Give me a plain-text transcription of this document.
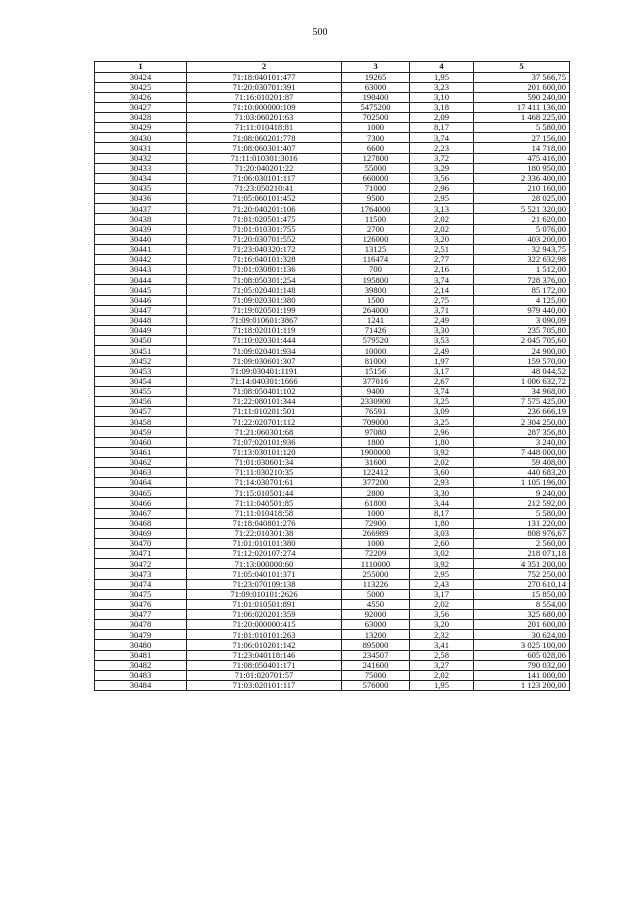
500
1	2	3	4	5
30424	71:18:040101:477	19265	1,95	37 566,75
30425	71:20:030701:391	63000	3,23	201 600,00
30426	71:16:010201:87	190400	3,10	590 240,00
30427	71:10:000000:109	5475200	3,18	17 411 136,00
30428	71:03:060201:63	702500	2,09	1 468 225,00
30429	71:11:010418:81	1000	8,17	5 580,00
30430	71:08:060201:778	7300	3,74	27 156,00
30431	71:08:060301:407	6600	2,23	14 718,00
30432	71:11:010301:3016	127800	3,72	475 416,00
30433	71:20:040201:22	55000	3,29	180 950,00
30434	71:06:030101:117	660000	3,56	2 336 400,00
30435	71:23:050210:41	71000	2,96	210 160,00
30436	71:05:060101:452	9500	2,95	28 025,00
30437	71:20:040201:106	1764000	3,13	5 521 320,00
30438	71:01:020501:475	11500	2,02	21 620,00
30439	71:01:010301:755	2700	2,02	5 076,00
30440	71:20:030701:552	126000	3,20	403 200,00
30441	71:23:040320:172	13125	2,51	32 943,75
30442	71:16:040101:328	116474	2,77	322 632,98
30443	71:01:030801:136	700	2,16	1 512,00
30444	71:08:050301:254	195800	3,74	728 376,00
30445	71:05:020401:148	39800	2,14	85 172,00
30446	71:09:020301:380	1500	2,75	4 125,00
30447	71:19:020501:199	264000	3,71	979 440,00
30448	71:09:010601:3867	1241	2,49	3 090,09
30449	71:18:020101:119	71426	3,30	235 705,80
30450	71:10:020301:444	579520	3,53	2 045 705,60
30451	71:09:020401:934	10000	2,49	24 900,00
30452	71:09:030601:307	81000	1,97	159 570,00
30453	71:09:030401:1191	15156	3,17	48 044,52
30454	71:14:040301:1666	377016	2,67	1 006 632,72
30455	71:08:050401:102	9400	3,74	34 968,00
30456	71:22:080101:344	2330900	3,25	7 575 425,00
30457	71:11:010201:501	76591	3,09	236 666,19
30458	71:22:020701:112	709000	3,25	2 304 250,00
30459	71:21:060301:68	97080	2,96	287 356,80
30460	71:07:020101:936	1800	1,80	3 240,00
30461	71:13:030101:120	1900000	3,92	7 448 000,00
30462	71:01:030601:34	31600	2,02	59 408,00
30463	71:11:030210:35	122412	3,60	440 683,20
30464	71:14:030701:61	377200	2,93	1 105 196,00
30465	71:15:010501:44	2800	3,30	9 240,00
30466	71:11:040501:85	61800	3,44	212 592,00
30467	71:11:010418:58	1000	8,17	5 580,00
30468	71:18:040801:276	72900	1,80	131 220,00
30469	71:22:010301:38	266989	3,03	808 976,67
30470	71:01:010101:380	1000	2,60	2 560,00
30471	71:12:020107:274	72209	3,02	218 071,18
30472	71:13:000000:60	1110000	3,92	4 351 200,00
30473	71:05:040101:371	255000	2,95	752 250,00
30474	71:23:070109:138	113226	2,43	270 610,14
30475	71:09:010101:2626	5000	3,17	15 850,00
30476	71:01:010501:891	4550	2,02	8 554,00
30477	71:06:020201:359	92000	3,56	325 680,00
30478	71:20:000000:415	63000	3,20	201 600,00
30479	71:01:010101:263	13200	2,32	30 624,00
30480	71:06:010201:142	895000	3,41	3 025 100,00
30481	71:23:040118:146	234507	2,58	605 028,06
30482	71:08:050401:171	241600	3,27	790 032,00
30483	71:01:020701:57	75000	2,02	141 000,00
30484	71:03:020101:117	576000	1,95	1 123 200,00
